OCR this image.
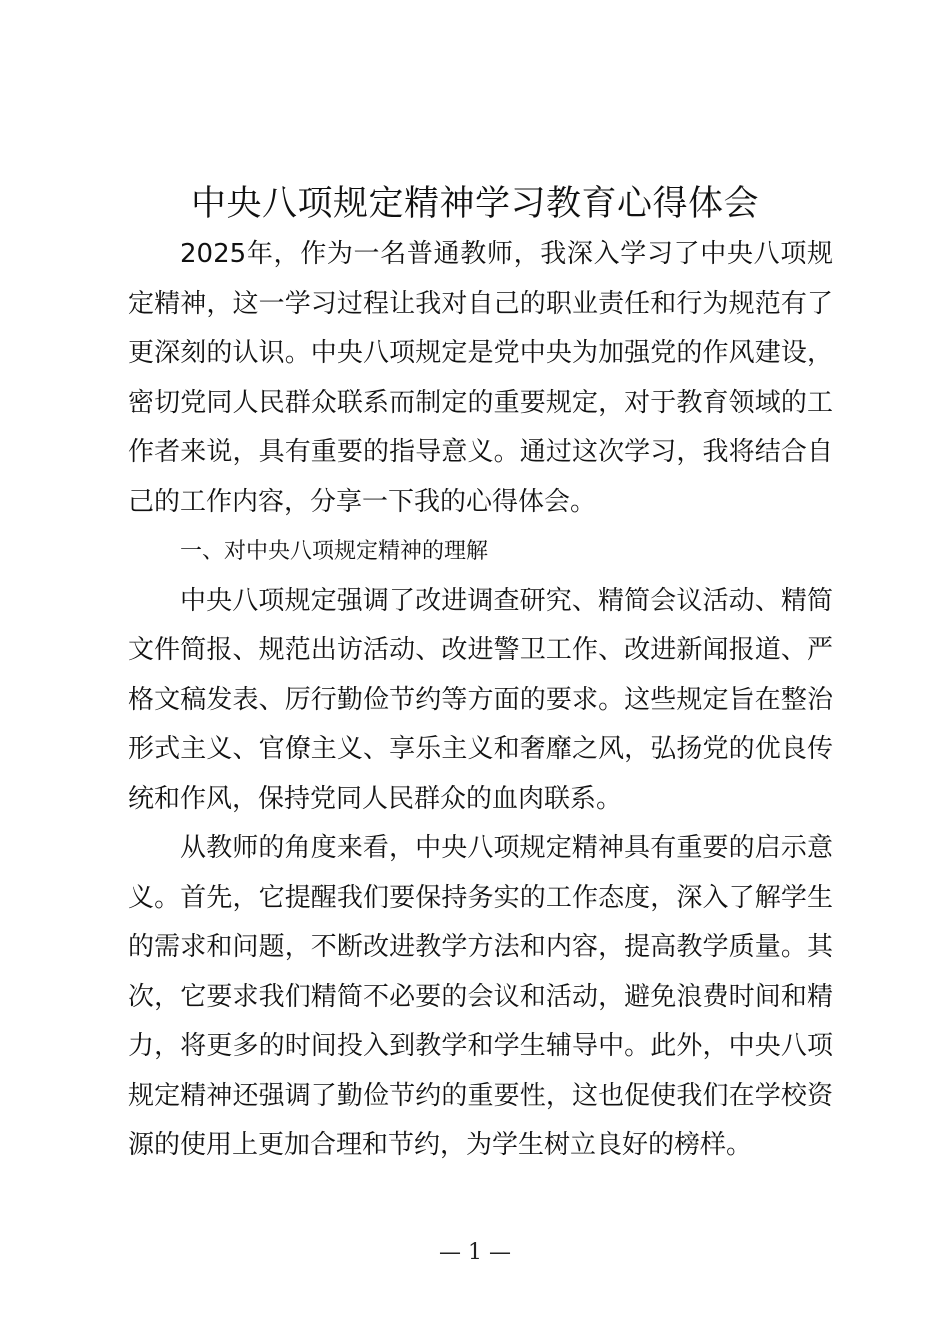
中央八项规定精神学习教育心得体会

2025年，作为一名普通教师，我深入学习了中央八项规定精神，这一学习过程让我对自己的职业责任和行为规范有了更深刻的认识。中央八项规定是党中央为加强党的作风建设，密切党同人民群众联系而制定的重要规定，对于教育领域的工作者来说，具有重要的指导意义。通过这次学习，我将结合自己的工作内容，分享一下我的心得体会。

一、对中央八项规定精神的理解

中央八项规定强调了改进调查研究、精简会议活动、精简文件简报、规范出访活动、改进警卫工作、改进新闻报道、严格文稿发表、厉行勤俭节约等方面的要求。这些规定旨在整治形式主义、官僚主义、享乐主义和奢靡之风，弘扬党的优良传统和作风，保持党同人民群众的血肉联系。

从教师的角度来看，中央八项规定精神具有重要的启示意义。首先，它提醒我们要保持务实的工作态度，深入了解学生的需求和问题，不断改进教学方法和内容，提高教学质量。其次，它要求我们精简不必要的会议和活动，避免浪费时间和精力，将更多的时间投入到教学和学生辅导中。此外，中央八项规定精神还强调了勤俭节约的重要性，这也促使我们在学校资源的使用上更加合理和节约，为学生树立良好的榜样。

— 1 —
